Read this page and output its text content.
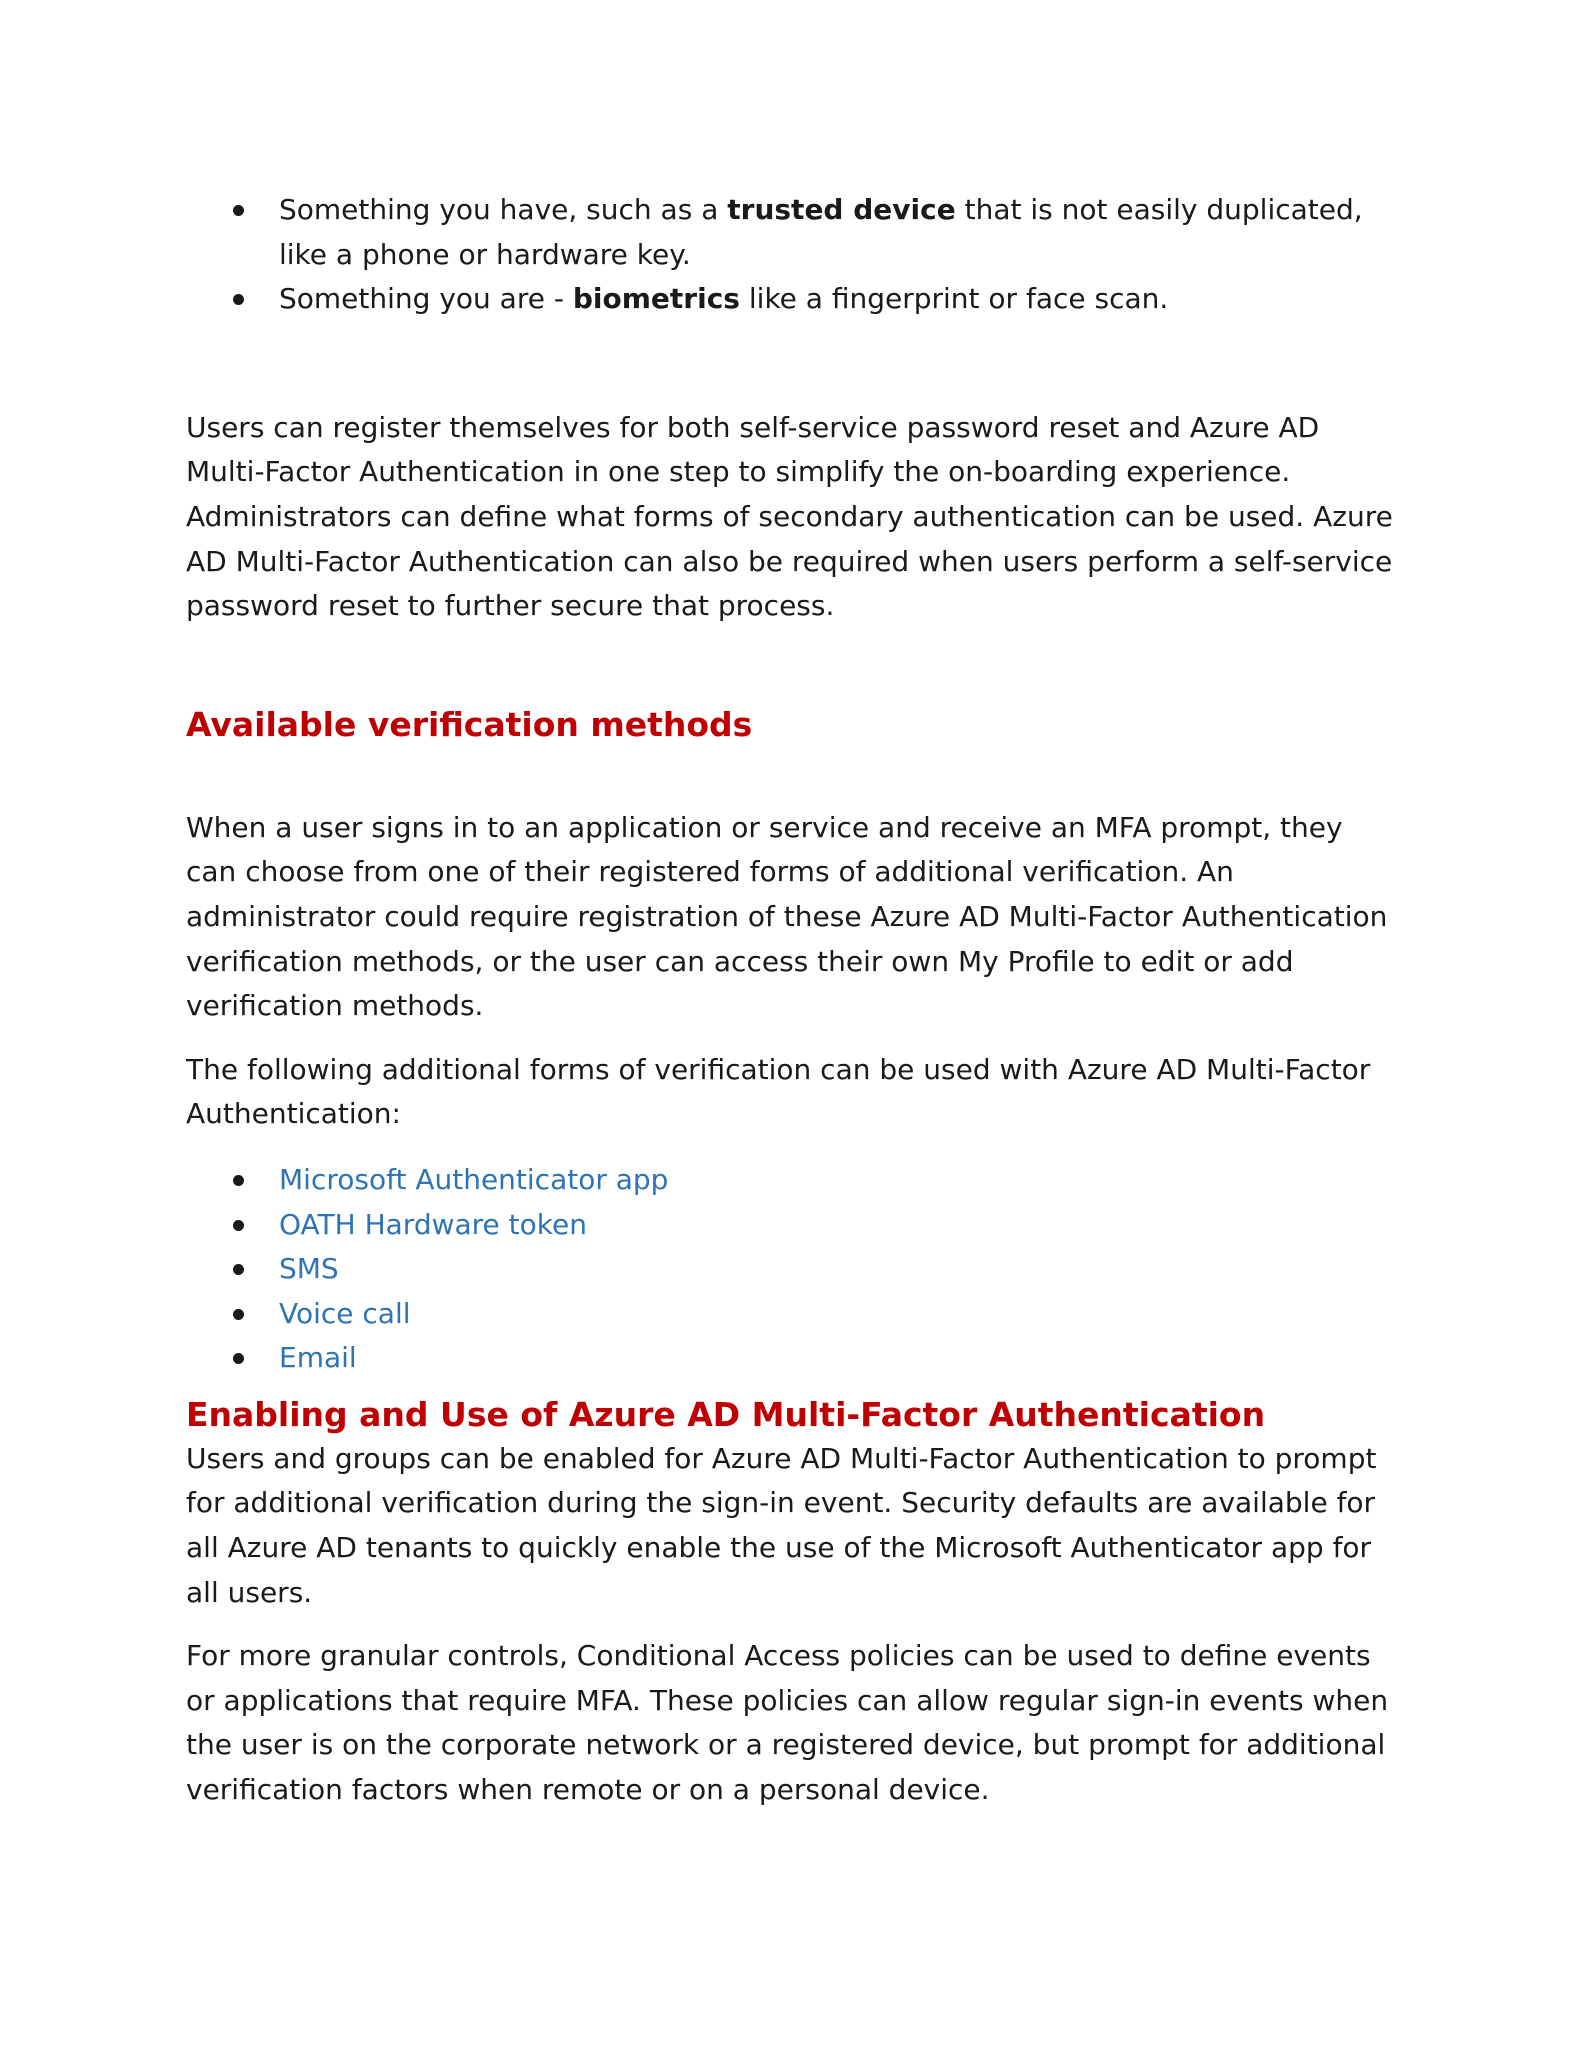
Something you have, such as a trusted device that is not easily duplicated, like a phone or hardware key.
Something you are - biometrics like a fingerprint or face scan.

Users can register themselves for both self-service password reset and Azure AD Multi-Factor Authentication in one step to simplify the on-boarding experience. Administrators can define what forms of secondary authentication can be used. Azure AD Multi-Factor Authentication can also be required when users perform a self-service password reset to further secure that process.

Available verification methods

When a user signs in to an application or service and receive an MFA prompt, they can choose from one of their registered forms of additional verification. An administrator could require registration of these Azure AD Multi-Factor Authentication verification methods, or the user can access their own My Profile to edit or add verification methods.

The following additional forms of verification can be used with Azure AD Multi-Factor Authentication:

Microsoft Authenticator app
OATH Hardware token
SMS
Voice call
Email
Enabling and Use of Azure AD Multi-Factor Authentication

Users and groups can be enabled for Azure AD Multi-Factor Authentication to prompt for additional verification during the sign-in event. Security defaults are available for all Azure AD tenants to quickly enable the use of the Microsoft Authenticator app for all users.

For more granular controls, Conditional Access policies can be used to define events or applications that require MFA. These policies can allow regular sign-in events when the user is on the corporate network or a registered device, but prompt for additional verification factors when remote or on a personal device.
